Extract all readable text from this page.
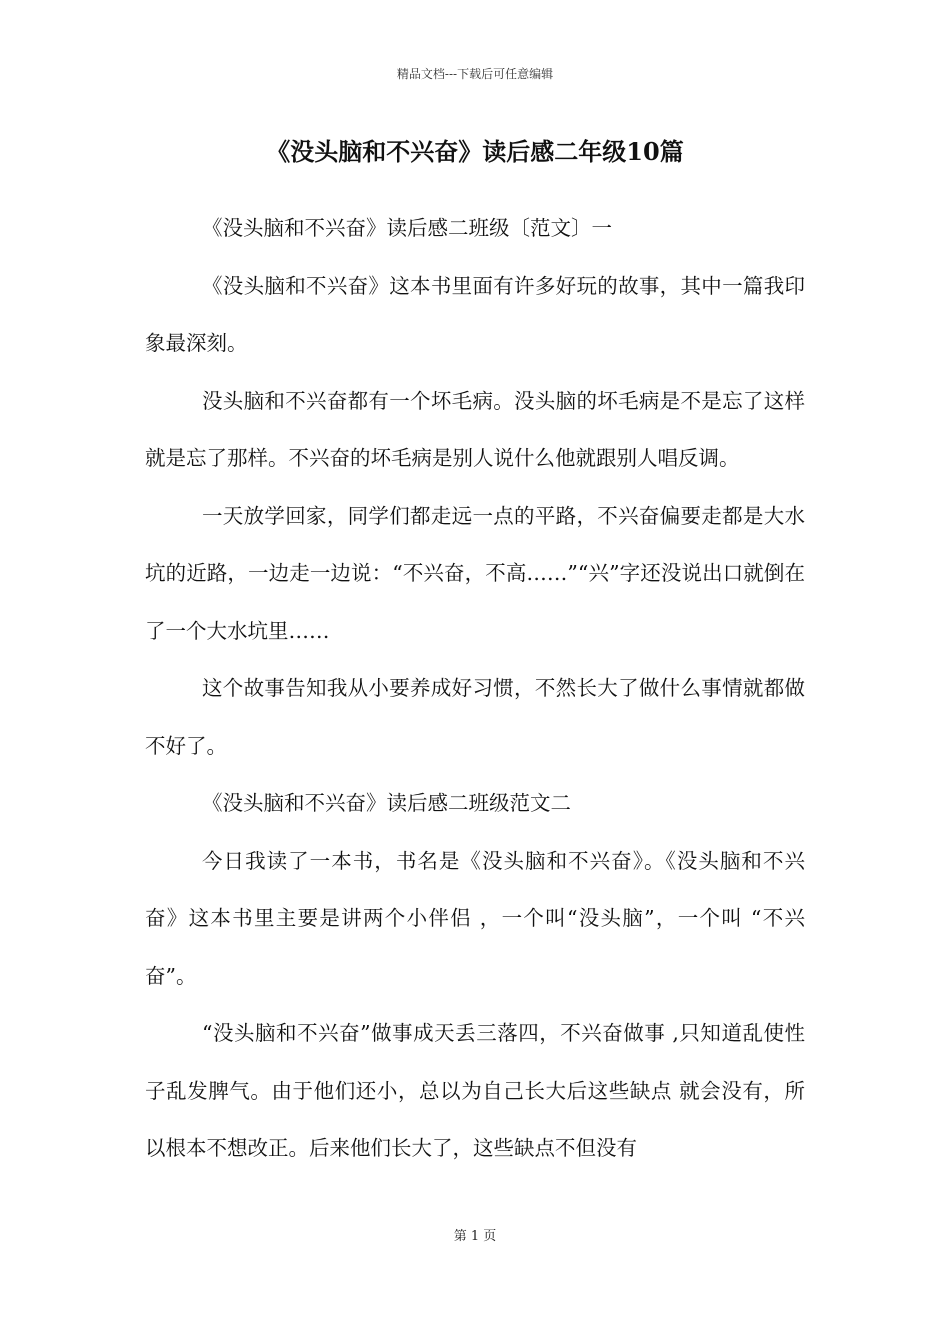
精品文档---下载后可任意编辑
《没头脑和不兴奋》读后感二年级10篇

《没头脑和不兴奋》读后感二班级〔范文〕一

《没头脑和不兴奋》这本书里面有许多好玩的故事，其中一篇我印象最深刻。

没头脑和不兴奋都有一个坏毛病。没头脑的坏毛病是不是忘了这样就是忘了那样。不兴奋的坏毛病是别人说什么他就跟别人唱反调。

一天放学回家，同学们都走远一点的平路，不兴奋偏要走都是大水坑的近路，一边走一边说：“不兴奋，不高……”“兴”字还没说出口就倒在了一个大水坑里……

这个故事告知我从小要养成好习惯，不然长大了做什么事情就都做不好了。

《没头脑和不兴奋》读后感二班级范文二

今日我读了一本书，书名是《没头脑和不兴奋》。《没头脑和不兴奋》这本书里主要是讲两个小伴侣 ，一个叫“没头脑”，一个叫 “不兴奋”。

“没头脑和不兴奋”做事成天丢三落四，不兴奋做事 ,只知道乱使性子乱发脾气。由于他们还小，总以为自己长大后这些缺点 就会没有，所以根本不想改正。后来他们长大了，这些缺点不但没有

第 1 页
